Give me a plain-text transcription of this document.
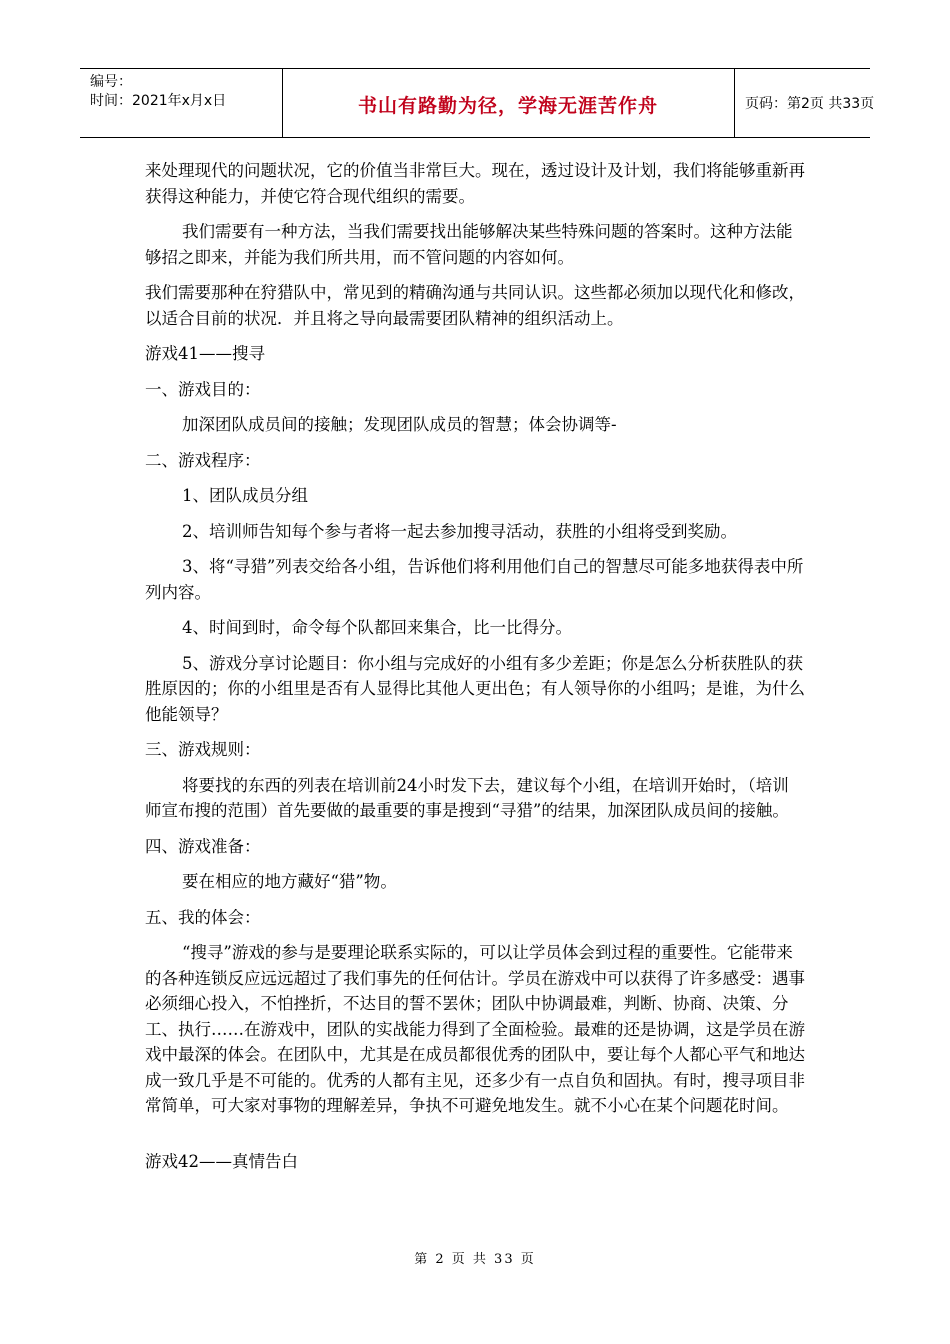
编号：
时间：2021年x月x日	书山有路勤为径，学海无涯苦作舟	页码：第2页 共33页

来处理现代的问题状况，它的价值当非常巨大。现在，透过设计及计划，我们将能够重新再获得这种能力，并使它符合现代组织的需要。

我们需要有一种方法，当我们需要找出能够解决某些特殊问题的答案时。这种方法能够招之即来，并能为我们所共用，而不管问题的内容如何。

我们需要那种在狩猎队中，常见到的精确沟通与共同认识。这些都必须加以现代化和修改，以适合目前的状况．并且将之导向最需要团队精神的组织活动上。

游戏41——搜寻

一、游戏目的：

加深团队成员间的接触；发现团队成员的智慧；体会协调等-

二、游戏程序：

1、团队成员分组

2、培训师告知每个参与者将一起去参加搜寻活动，获胜的小组将受到奖励。

3、将“寻猎”列表交给各小组，告诉他们将利用他们自己的智慧尽可能多地获得表中所列内容。

4、时间到时，命令每个队都回来集合，比一比得分。

5、游戏分享讨论题目：你小组与完成好的小组有多少差距；你是怎么分析获胜队的获胜原因的；你的小组里是否有人显得比其他人更出色；有人领导你的小组吗；是谁，为什么他能领导？

三、游戏规则：

将要找的东西的列表在培训前24小时发下去，建议每个小组，在培训开始时，（培训师宣布搜的范围）首先要做的最重要的事是搜到“寻猎”的结果，加深团队成员间的接触。

四、游戏准备：

要在相应的地方藏好“猎”物。

五、我的体会：

“搜寻”游戏的参与是要理论联系实际的，可以让学员体会到过程的重要性。它能带来的各种连锁反应远远超过了我们事先的任何估计。学员在游戏中可以获得了许多感受：遇事必须细心投入，不怕挫折，不达目的誓不罢休；团队中协调最难，判断、协商、决策、分工、执行……在游戏中，团队的实战能力得到了全面检验。最难的还是协调，这是学员在游戏中最深的体会。在团队中，尤其是在成员都很优秀的团队中，要让每个人都心平气和地达成一致几乎是不可能的。优秀的人都有主见，还多少有一点自负和固执。有时，搜寻项目非常简单，可大家对事物的理解差异，争执不可避免地发生。就不小心在某个问题花时间。

游戏42——真情告白

第 2 页 共 33 页
